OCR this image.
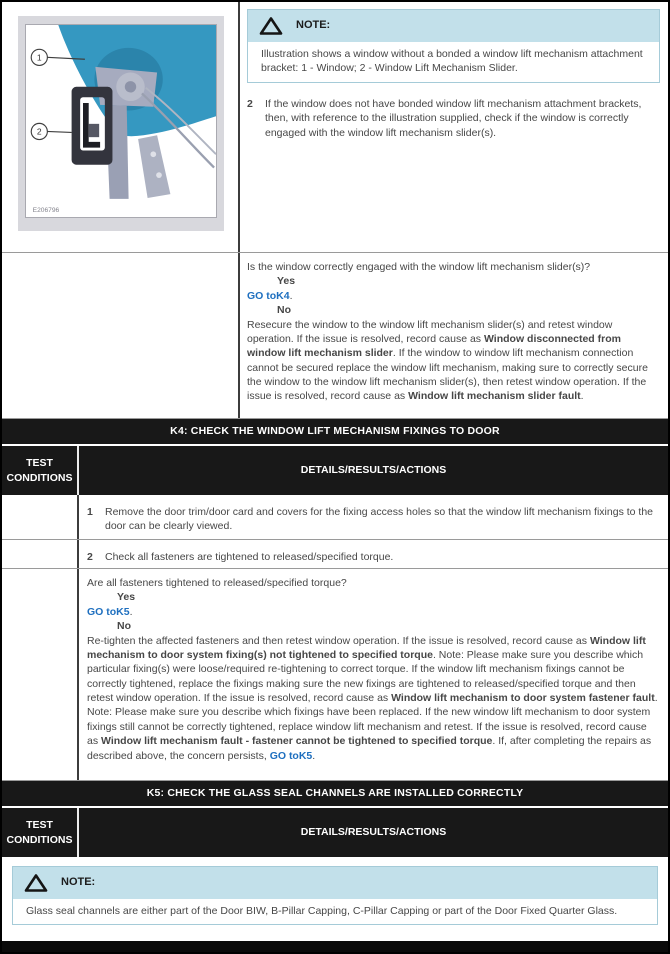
1
2
E206796
NOTE:
Illustration shows a window without a bonded a window lift mechanism attachment bracket: 1 - Window; 2 - Window Lift Mechanism Slider.
2	If the window does not have bonded window lift mechanism attachment brackets, then, with reference to the illustration supplied, check if the window is correctly engaged with the window lift mechanism slider(s).

Is the window correctly engaged with the window lift mechanism slider(s)?

Yes

GO toK4.

No

Resecure the window to the window lift mechanism slider(s) and retest window operation. If the issue is resolved, record cause as Window disconnected from window lift mechanism slider. If the window to window lift mechanism connection cannot be secured replace the window lift mechanism, making sure to correctly secure the window to the window lift mechanism slider(s), then retest window operation. If the issue is resolved, record cause as Window lift mechanism slider fault.

K4: CHECK THE WINDOW LIFT MECHANISM FIXINGS TO DOOR
TEST CONDITIONS
DETAILS/RESULTS/ACTIONS
1	Remove the door trim/door card and covers for the fixing access holes so that the window lift mechanism fixings to the door can be clearly viewed.
2	Check all fasteners are tightened to released/specified torque.

Are all fasteners tightened to released/specified torque?

Yes

GO toK5.

No

Re-tighten the affected fasteners and then retest window operation. If the issue is resolved, record cause as Window lift mechanism to door system fixing(s) not tightened to specified torque. Note: Please make sure you describe which particular fixing(s) were loose/required re-tightening to correct torque. If the window lift mechanism fixings cannot be correctly tightened, replace the fixings making sure the new fixings are tightened to released/specified torque and then retest window operation. If the issue is resolved, record cause as Window lift mechanism to door system fastener fault. Note: Please make sure you describe which fixings have been replaced. If the new window lift mechanism to door system fixings still cannot be correctly tightened, replace window lift mechanism and retest. If the issue is resolved, record cause as Window lift mechanism fault - fastener cannot be tightened to specified torque. If, after completing the repairs as described above, the concern persists, GO toK5.

K5: CHECK THE GLASS SEAL CHANNELS ARE INSTALLED CORRECTLY
TEST CONDITIONS
DETAILS/RESULTS/ACTIONS
NOTE:
Glass seal channels are either part of the Door BIW, B-Pillar Capping, C-Pillar Capping or part of the Door Fixed Quarter Glass.
